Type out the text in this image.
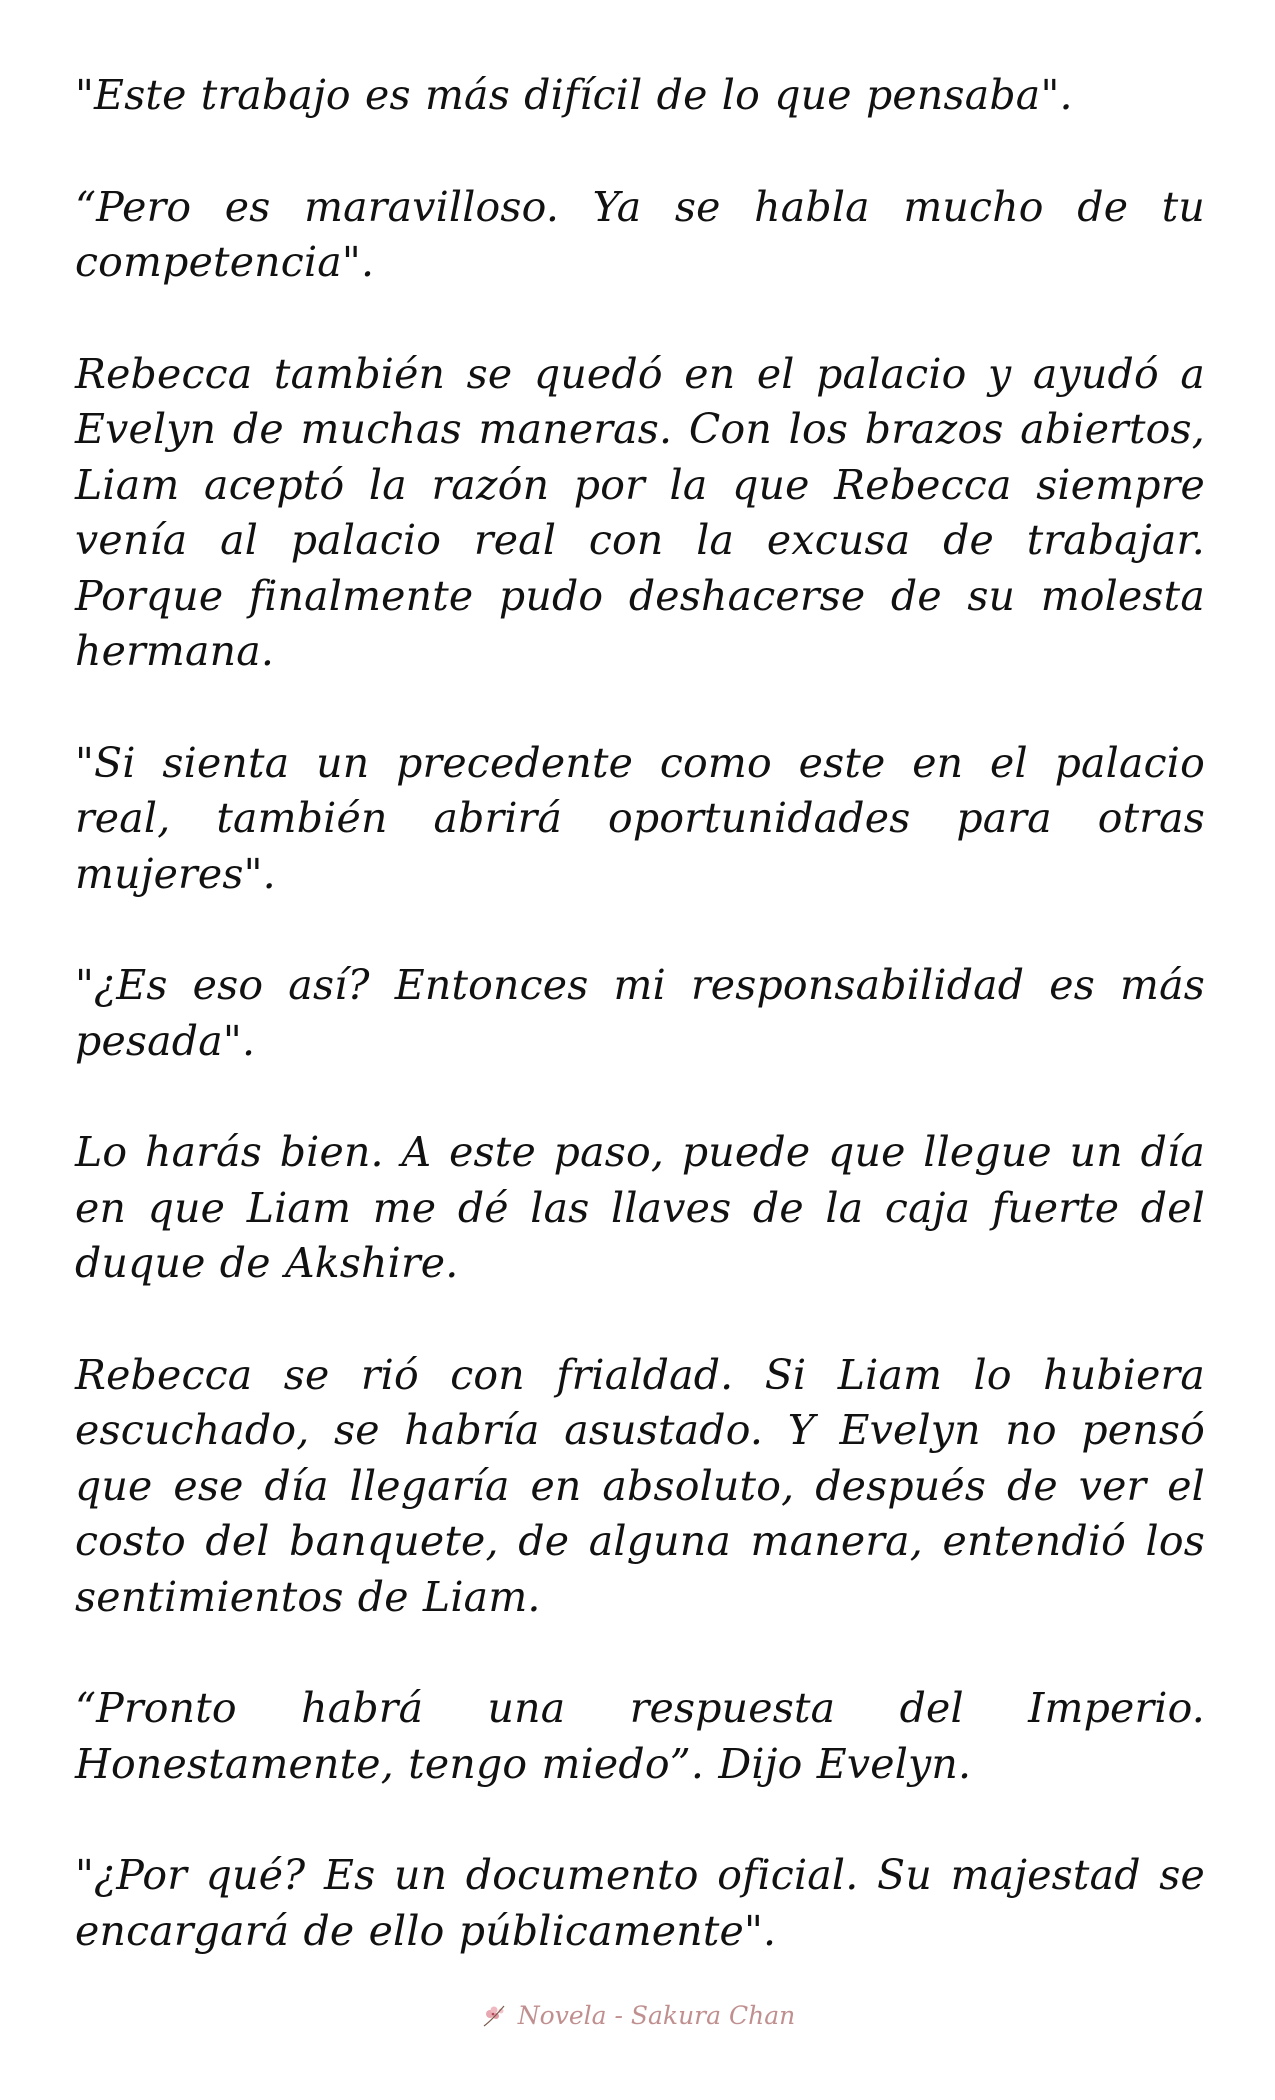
"Este trabajo es más difícil de lo que pensaba".

“Pero es maravilloso. Ya se habla mucho de tu competencia".

Rebecca también se quedó en el palacio y ayudó a Evelyn de muchas maneras. Con los brazos abiertos, Liam aceptó la razón por la que Rebecca siempre venía al palacio real con la excusa de trabajar. Porque finalmente pudo deshacerse de su molesta hermana.

"Si sienta un precedente como este en el palacio real, también abrirá oportunidades para otras mujeres".

"¿Es eso así? Entonces mi responsabilidad es más pesada".

Lo harás bien. A este paso, puede que llegue un día en que Liam me dé las llaves de la caja fuerte del duque de Akshire.

Rebecca se rió con frialdad. Si Liam lo hubiera escuchado, se habría asustado. Y Evelyn no pensó que ese día llegaría en absoluto, después de ver el costo del banquete, de alguna manera, entendió los sentimientos de Liam.

“Pronto habrá una respuesta del Imperio. Honestamente, tengo miedo”. Dijo Evelyn.

"¿Por qué? Es un documento oficial. Su majestad se encargará de ello públicamente".

Novela - Sakura Chan
